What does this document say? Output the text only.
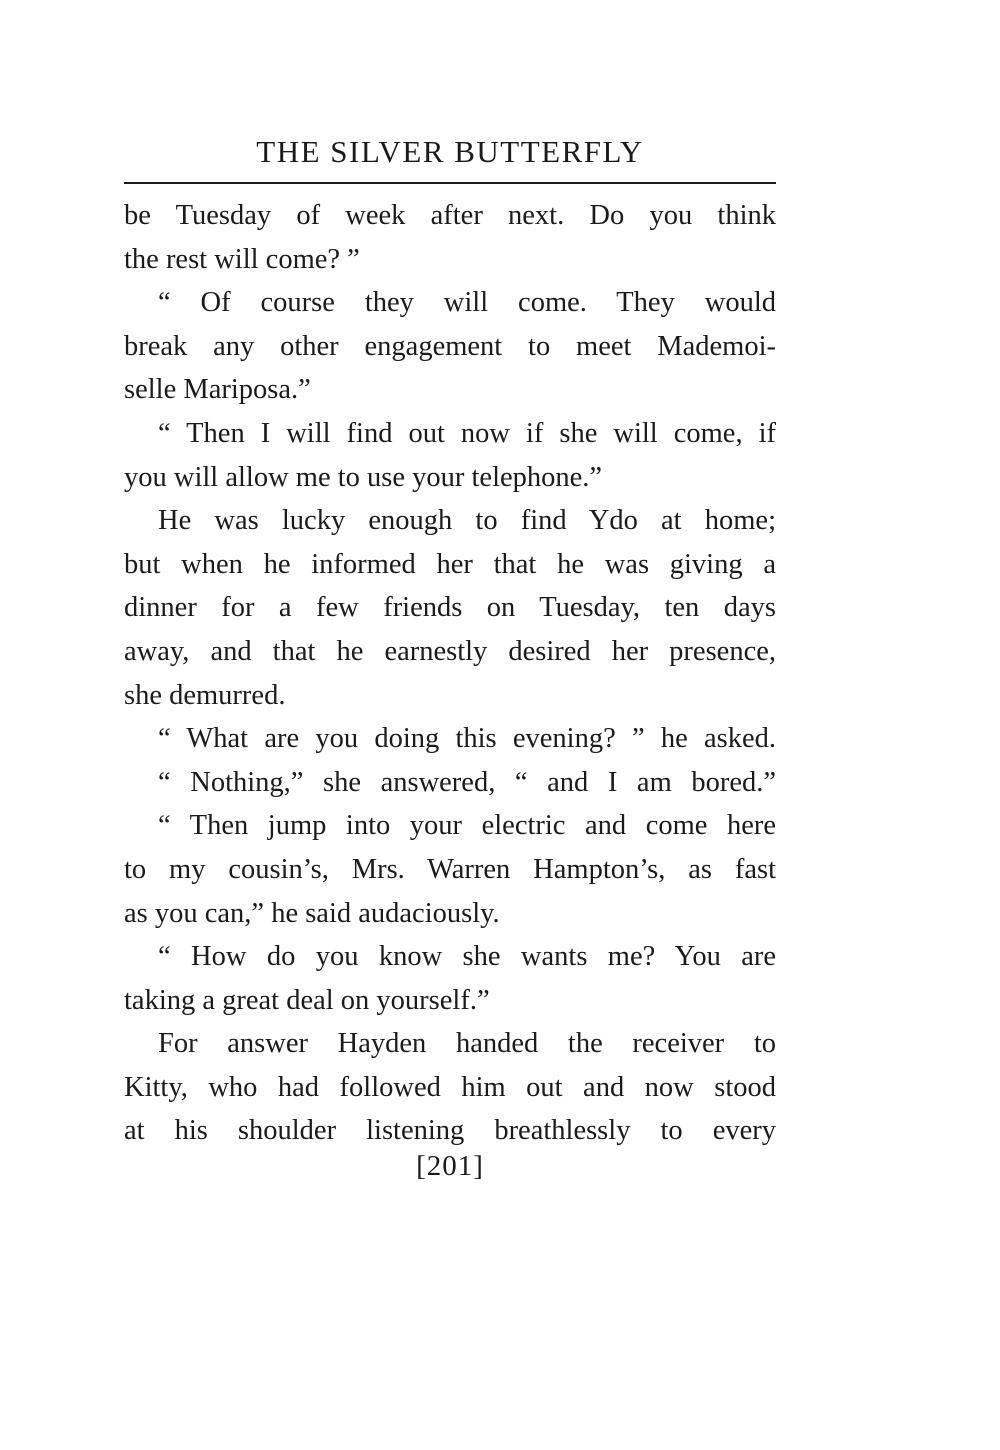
THE SILVER BUTTERFLY
be Tuesday of week after next. Do you think
the rest will come? ”
“ Of course they will come. They would
break any other engagement to meet Mademoi-
selle Mariposa.”
“ Then I will find out now if she will come, if
you will allow me to use your telephone.”
He was lucky enough to find Ydo at home;
but when he informed her that he was giving a
dinner for a few friends on Tuesday, ten days
away, and that he earnestly desired her presence,
she demurred.
“ What are you doing this evening? ” he asked.
“ Nothing,” she answered, “ and I am bored.”
“ Then jump into your electric and come here
to my cousin’s, Mrs. Warren Hampton’s, as fast
as you can,” he said audaciously.
“ How do you know she wants me? You are
taking a great deal on yourself.”
For answer Hayden handed the receiver to
Kitty, who had followed him out and now stood
at his shoulder listening breathlessly to every
[201]
